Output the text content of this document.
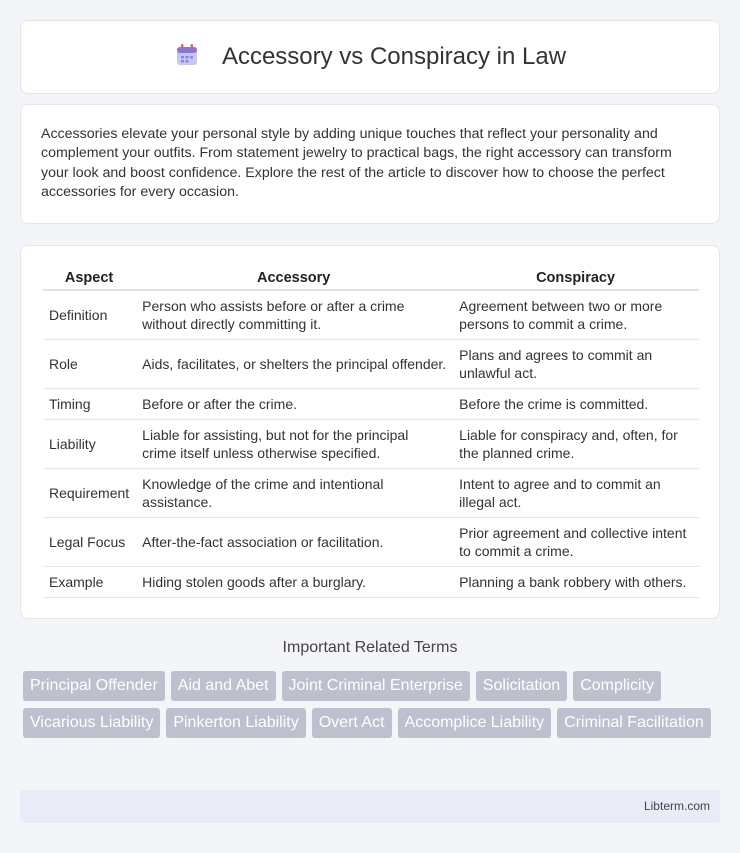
Accessory vs Conspiracy in Law

Accessories elevate your personal style by adding unique touches that reflect your personality and complement your outfits. From statement jewelry to practical bags, the right accessory can transform your look and boost confidence. Explore the rest of the article to discover how to choose the perfect accessories for every occasion.

Aspect	Accessory	Conspiracy
Definition	Person who assists before or after a crime without directly committing it.	Agreement between two or more persons to commit a crime.
Role	Aids, facilitates, or shelters the principal offender.	Plans and agrees to commit an unlawful act.
Timing	Before or after the crime.	Before the crime is committed.
Liability	Liable for assisting, but not for the principal crime itself unless otherwise specified.	Liable for conspiracy and, often, for the planned crime.
Requirement	Knowledge of the crime and intentional assistance.	Intent to agree and to commit an illegal act.
Legal Focus	After-the-fact association or facilitation.	Prior agreement and collective intent to commit a crime.
Example	Hiding stolen goods after a burglary.	Planning a bank robbery with others.
Important Related Terms
Principal Offender	Aid and Abet	Joint Criminal Enterprise	Solicitation	Complicity
Vicarious Liability	Pinkerton Liability	Overt Act	Accomplice Liability	Criminal Facilitation
Libterm.com
